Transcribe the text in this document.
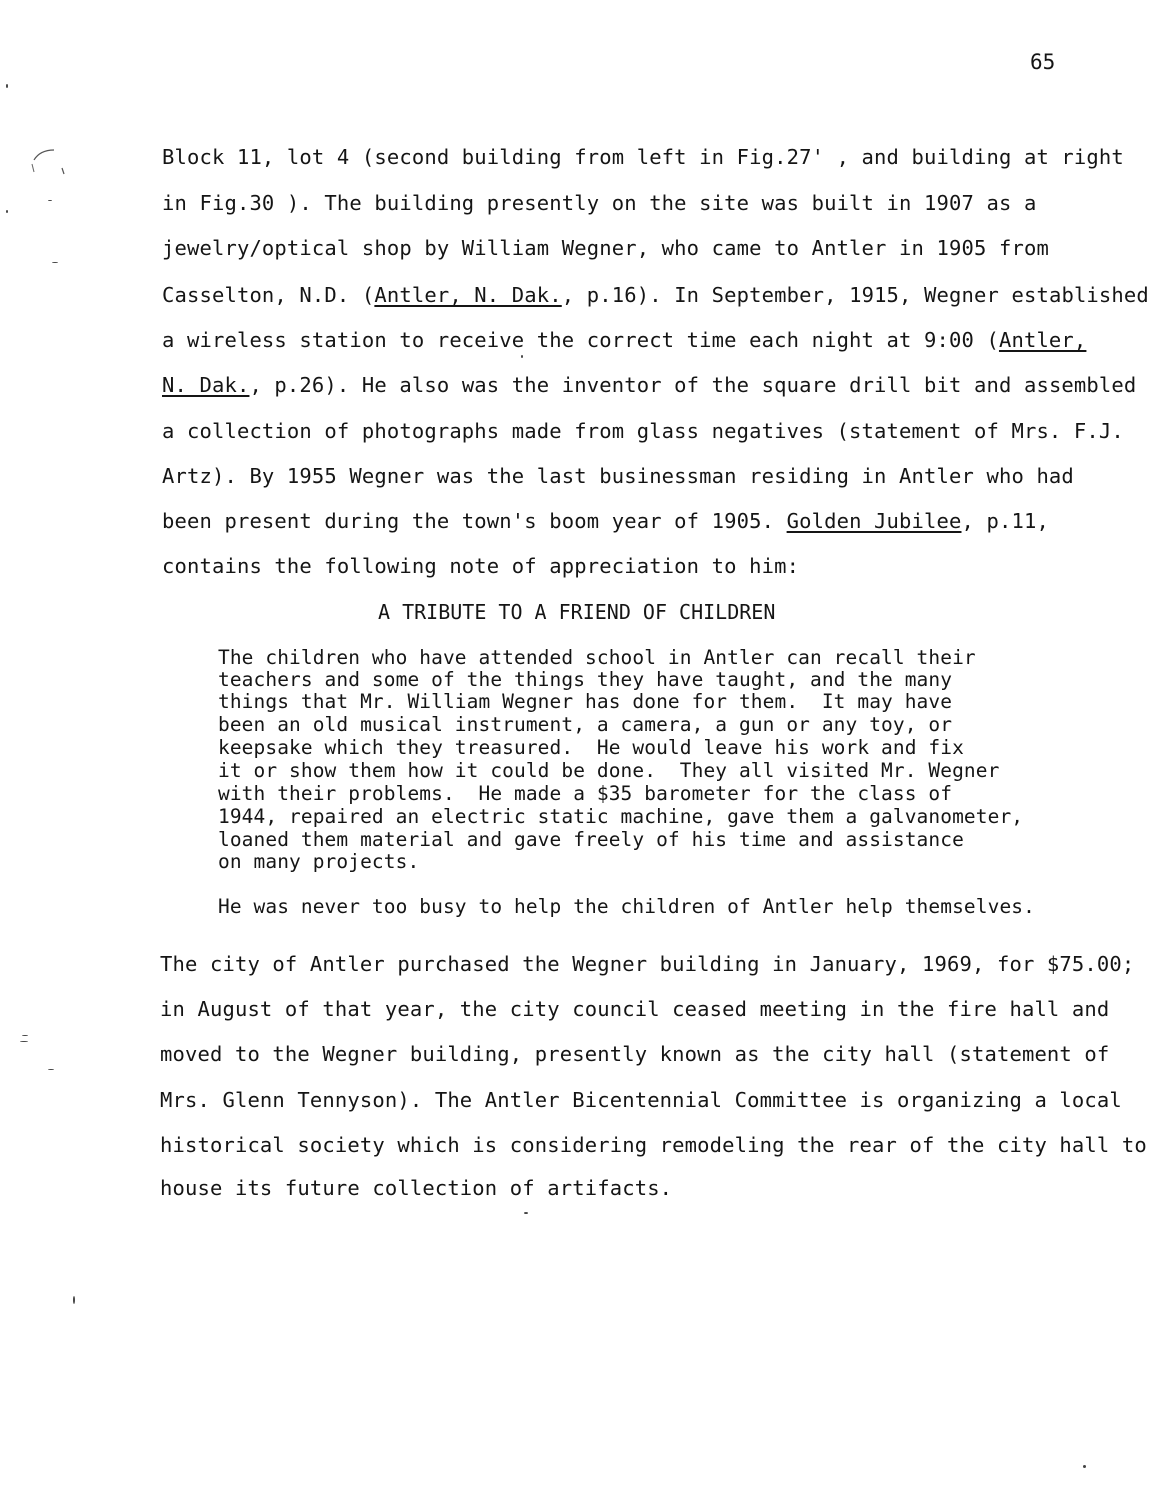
65
Block 11, lot 4 (second building from left in Fig.27' , and building at right
in Fig.30 ). The building presently on the site was built in 1907 as a
jewelry/optical shop by William Wegner, who came to Antler in 1905 from
Casselton, N.D. (Antler, N. Dak., p.16). In September, 1915, Wegner established
a wireless station to receive the correct time each night at 9:00 (Antler,
N. Dak., p.26). He also was the inventor of the square drill bit and assembled
a collection of photographs made from glass negatives (statement of Mrs. F.J.
Artz). By 1955 Wegner was the last businessman residing in Antler who had
been present during the town's boom year of 1905. Golden Jubilee, p.11,
contains the following note of appreciation to him:
A TRIBUTE TO A FRIEND OF CHILDREN
The children who have attended school in Antler can recall their
teachers and some of the things they have taught, and the many
things that Mr. William Wegner has done for them.  It may have
been an old musical instrument, a camera, a gun or any toy, or
keepsake which they treasured.  He would leave his work and fix
it or show them how it could be done.  They all visited Mr. Wegner
with their problems.  He made a $35 barometer for the class of
1944, repaired an electric static machine, gave them a galvanometer,
loaned them material and gave freely of his time and assistance
on many projects.
He was never too busy to help the children of Antler help themselves.
The city of Antler purchased the Wegner building in January, 1969, for $75.00;
in August of that year, the city council ceased meeting in the fire hall and
moved to the Wegner building, presently known as the city hall (statement of
Mrs. Glenn Tennyson). The Antler Bicentennial Committee is organizing a local
historical society which is considering remodeling the rear of the city hall to
house its future collection of artifacts.
